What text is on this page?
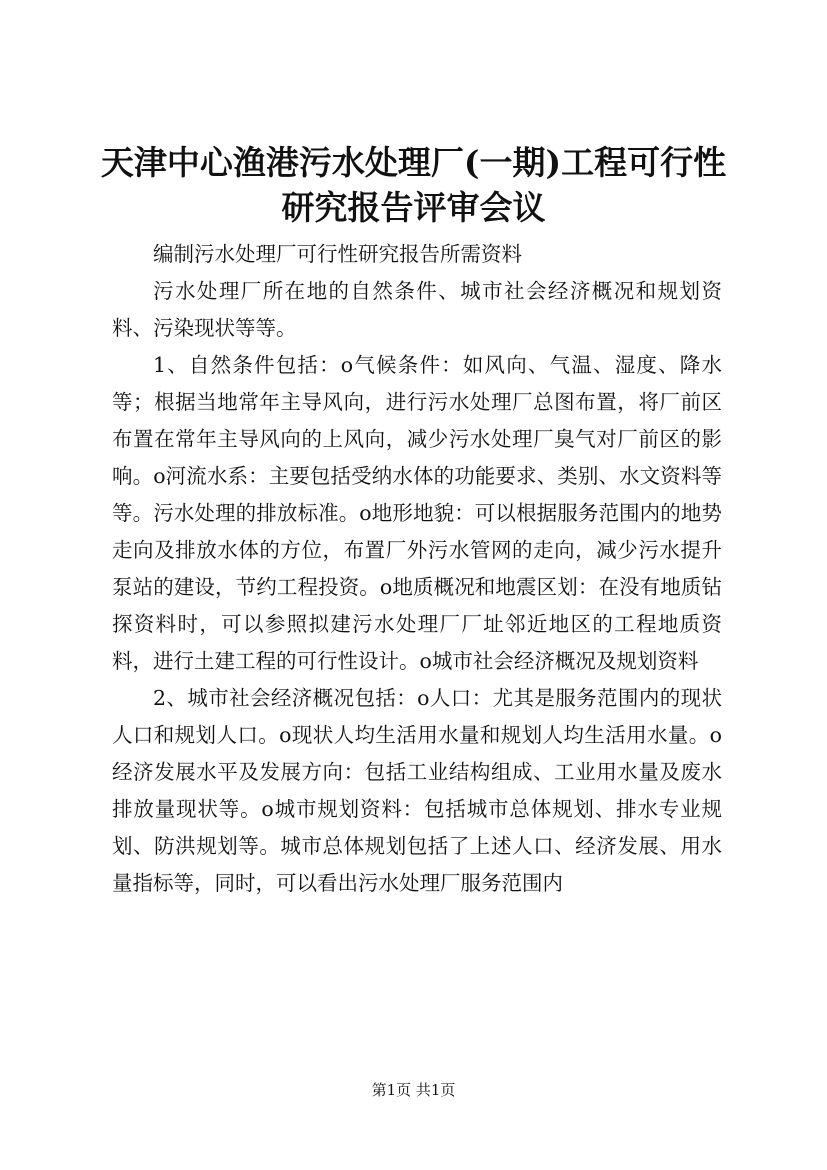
天津中心渔港污水处理厂(一期)工程可行性研究报告评审会议

编制污水处理厂可行性研究报告所需资料

污水处理厂所在地的自然条件、城市社会经济概况和规划资料、污染现状等等。

1、自然条件包括：o气候条件：如风向、气温、湿度、降水等；根据当地常年主导风向，进行污水处理厂总图布置，将厂前区布置在常年主导风向的上风向，减少污水处理厂臭气对厂前区的影响。o河流水系：主要包括受纳水体的功能要求、类别、水文资料等等。污水处理的排放标准。o地形地貌：可以根据服务范围内的地势走向及排放水体的方位，布置厂外污水管网的走向，减少污水提升泵站的建设，节约工程投资。o地质概况和地震区划：在没有地质钻探资料时，可以参照拟建污水处理厂厂址邻近地区的工程地质资料，进行土建工程的可行性设计。o城市社会经济概况及规划资料

2、城市社会经济概况包括：o人口：尤其是服务范围内的现状人口和规划人口。o现状人均生活用水量和规划人均生活用水量。o经济发展水平及发展方向：包括工业结构组成、工业用水量及废水排放量现状等。o城市规划资料：包括城市总体规划、排水专业规划、防洪规划等。城市总体规划包括了上述人口、经济发展、用水量指标等，同时，可以看出污水处理厂服务范围内

第1页 共1页
